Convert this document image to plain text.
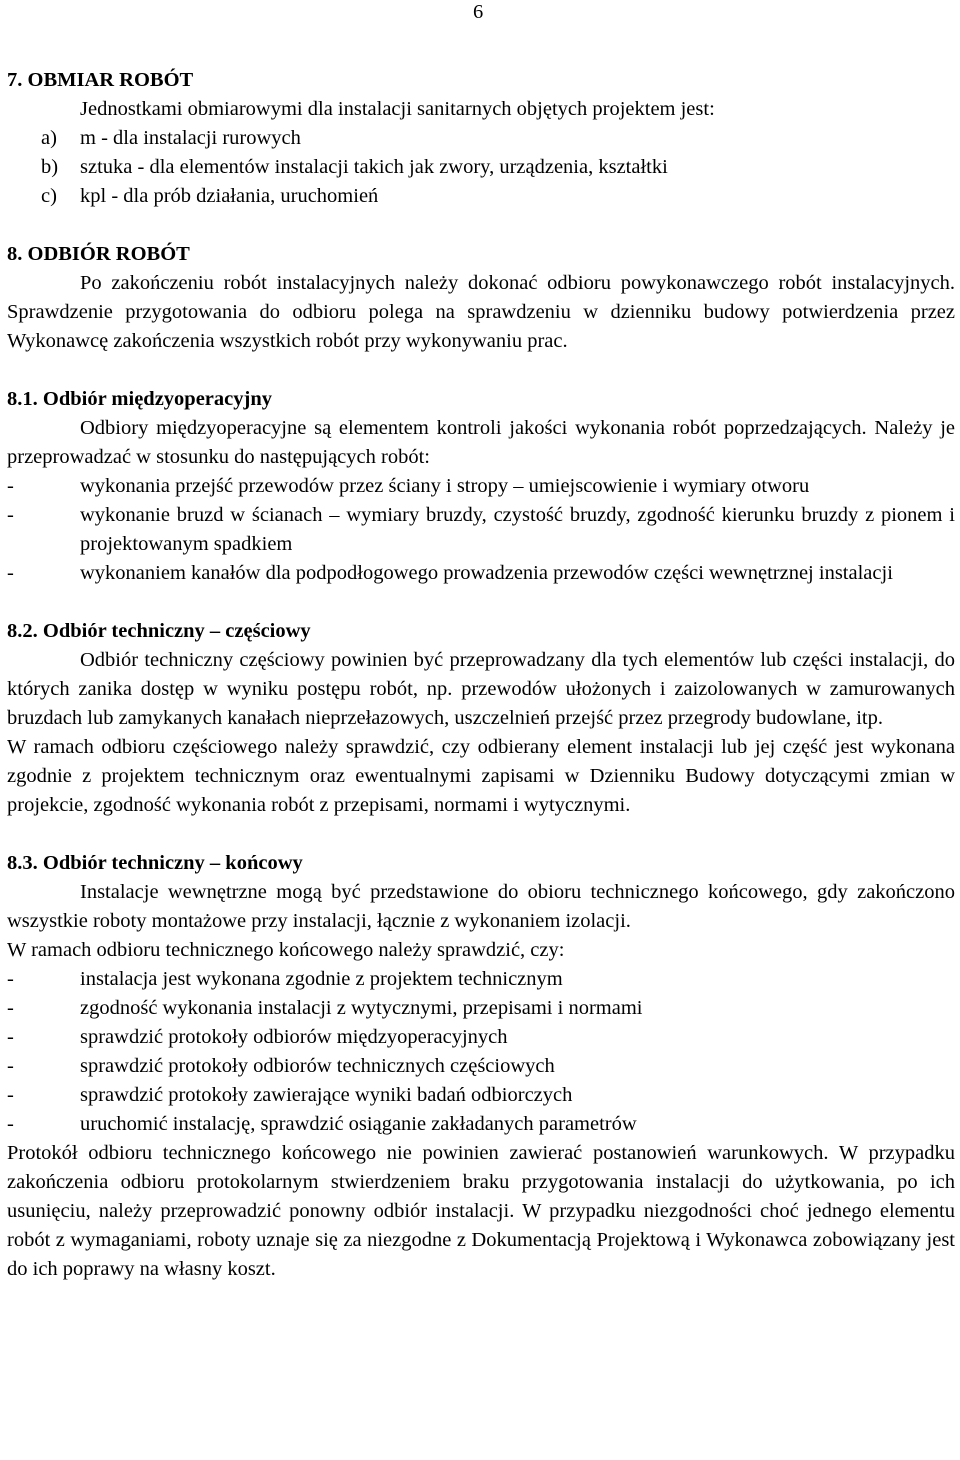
6

7. OBMIAR ROBÓT

Jednostkami obmiarowymi dla instalacji sanitarnych objętych projektem jest:

a)	m - dla instalacji rurowych
b)	sztuka - dla elementów instalacji takich jak zwory, urządzenia, kształtki
c)	kpl - dla prób działania, uruchomień

8. ODBIÓR ROBÓT

Po zakończeniu robót instalacyjnych należy dokonać odbioru powykonawczego robót instalacyjnych. Sprawdzenie przygotowania do odbioru polega na sprawdzeniu w dzienniku budowy potwierdzenia przez Wykonawcę zakończenia wszystkich robót przy wykonywaniu prac.

8.1. Odbiór międzyoperacyjny

Odbiory międzyoperacyjne są elementem kontroli jakości wykonania robót poprzedzających. Należy je przeprowadzać w stosunku do następujących robót:

-	wykonania przejść przewodów przez ściany i stropy – umiejscowienie i wymiary otworu
-	wykonanie bruzd w ścianach – wymiary bruzdy, czystość bruzdy, zgodność kierunku bruzdy z pionem i projektowanym spadkiem
-	wykonaniem kanałów dla podpodłogowego prowadzenia przewodów części wewnętrznej instalacji

8.2. Odbiór techniczny – częściowy

Odbiór techniczny częściowy powinien być przeprowadzany dla tych elementów lub części instalacji, do których zanika dostęp w wyniku postępu robót, np. przewodów ułożonych i zaizolowanych w zamurowanych bruzdach lub zamykanych kanałach nieprzełazowych, uszczelnień przejść przez przegrody budowlane, itp.

W ramach odbioru częściowego należy sprawdzić, czy odbierany element instalacji lub jej część jest wykonana zgodnie z projektem technicznym oraz ewentualnymi zapisami w Dzienniku Budowy dotyczącymi zmian w projekcie, zgodność wykonania robót z przepisami, normami i wytycznymi.

8.3. Odbiór techniczny – końcowy

Instalacje wewnętrzne mogą być przedstawione do obioru technicznego końcowego, gdy zakończono wszystkie roboty montażowe przy instalacji, łącznie z wykonaniem izolacji.

W ramach odbioru technicznego końcowego należy sprawdzić, czy:

-	instalacja jest wykonana zgodnie z projektem technicznym
-	zgodność wykonania instalacji z wytycznymi, przepisami i normami
-	sprawdzić protokoły odbiorów międzyoperacyjnych
-	sprawdzić protokoły odbiorów technicznych częściowych
-	sprawdzić protokoły zawierające wyniki badań odbiorczych
-	uruchomić instalację, sprawdzić osiąganie zakładanych parametrów

Protokół odbioru technicznego końcowego nie powinien zawierać postanowień warunkowych. W przypadku zakończenia odbioru protokolarnym stwierdzeniem braku przygotowania instalacji do użytkowania, po ich usunięciu, należy przeprowadzić ponowny odbiór instalacji. W przypadku niezgodności choć jednego elementu robót z wymaganiami, roboty uznaje się za niezgodne z Dokumentacją Projektową i Wykonawca zobowiązany jest do ich poprawy na własny koszt.
